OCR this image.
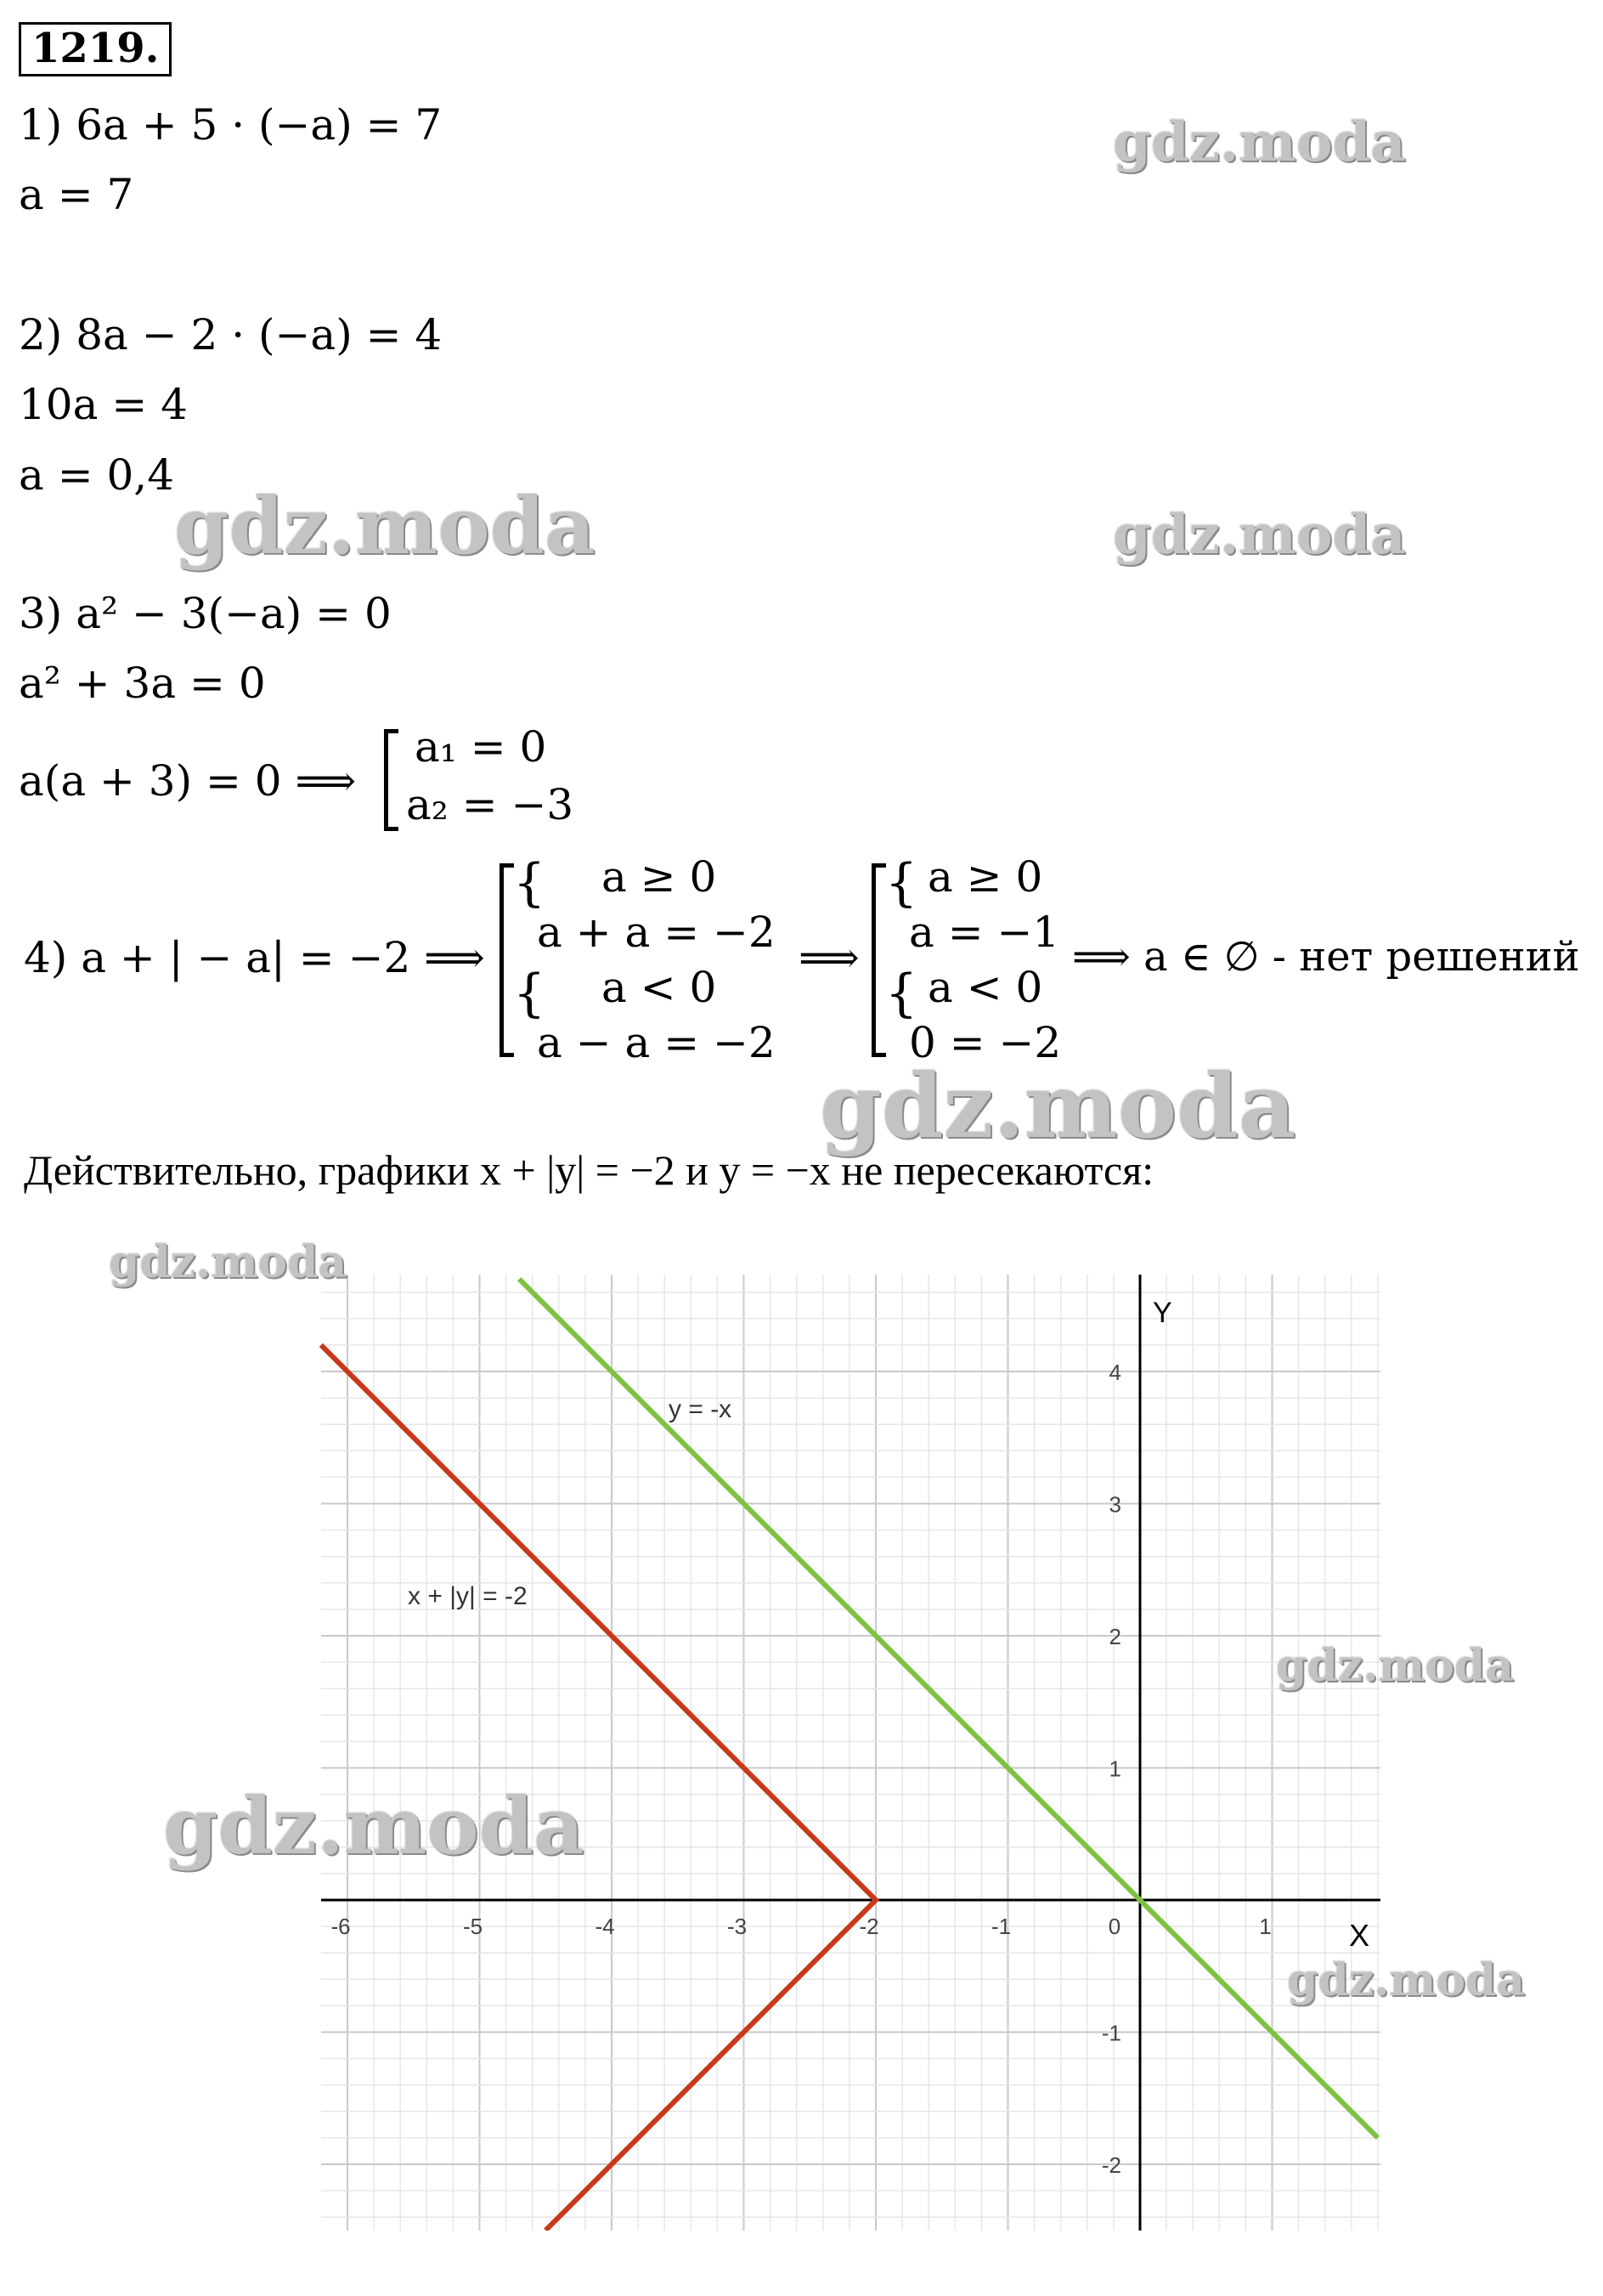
1219.
1) 6a + 5 · (−a) = 7
a = 7
2) 8a − 2 · (−a) = 4
10a = 4
a = 0,4
3) a² − 3(−a) = 0
a² + 3a = 0
a(a + 3) = 0 ⟹
a₁ = 0
a₂ = −3
4) a + | − a| = −2 ⟹
{
{
a ≥ 0
a + a = −2
a < 0
a − a = −2
⟹
{
{
a ≥ 0
a = −1
a < 0
0 = −2
⟹ a ∈ ∅ - нет решений
Действительно, графики x + |y| = −2 и y = −x не пересекаются:
-6	-5	-4	-3	-2	-1	0	1
4
3
2
1
-1
-2
X
Y
y = -x
x + |y| = -2
gdz.moda
gdz.moda	gdz.moda
gdz.moda
gdz.moda
gdz.moda
gdz.moda
gdz.moda
